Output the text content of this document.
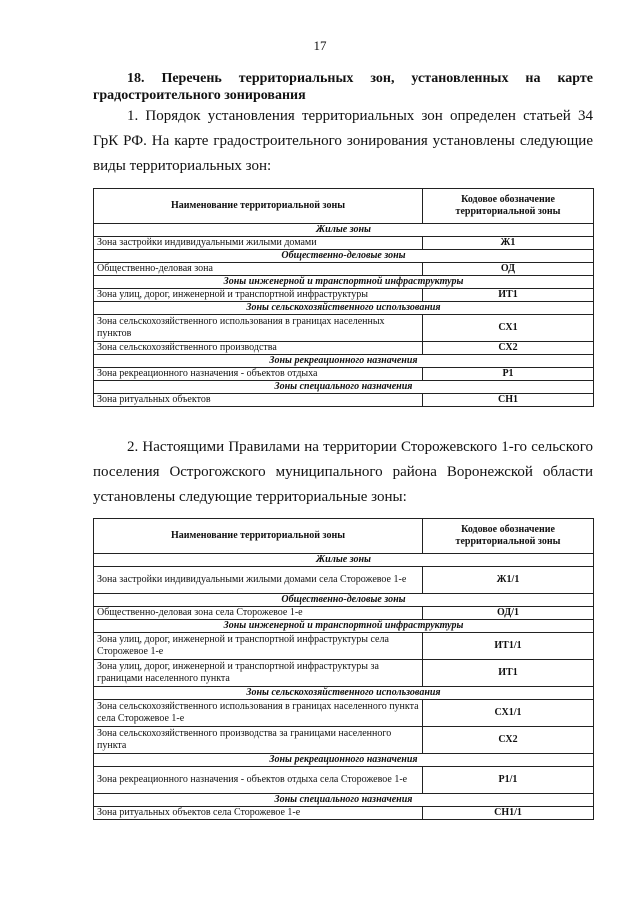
17
18. Перечень территориальных зон, установленных на карте градостроительного зонирования
1. Порядок установления территориальных зон определен статьей 34 ГрК РФ. На карте градостроительного зонирования установлены следующие виды территориальных зон:
Наименование территориальной зоны	Кодовое обозначение территориальной зоны
Жилые зоны	
Зона застройки индивидуальными жилыми домами	Ж1
Общественно-деловые зоны	
Общественно-деловая зона	ОД
Зоны инженерной и транспортной инфраструктуры	
Зона улиц, дорог, инженерной и транспортной инфраструктуры	ИТ1
Зоны сельскохозяйственного использования	
Зона сельскохозяйственного использования в границах населенных пунктов	СХ1
Зона сельскохозяйственного производства	СХ2
Зоны рекреационного назначения	
Зона рекреационного назначения - объектов отдыха	Р1
Зоны специального назначения	
Зона ритуальных объектов	СН1
2. Настоящими Правилами на территории Сторожевского 1-го сельского поселения Острогожского муниципального района Воронежской области установлены следующие территориальные зоны:
Наименование территориальной зоны	Кодовое обозначение территориальной зоны
Жилые зоны	
Зона застройки индивидуальными жилыми домами села Сторожевое 1-е	Ж1/1
Общественно-деловые зоны	
Общественно-деловая зона села Сторожевое 1-е	ОД/1
Зоны инженерной и транспортной инфраструктуры	
Зона улиц, дорог, инженерной и транспортной инфраструктуры села Сторожевое 1-е	ИТ1/1
Зона улиц, дорог, инженерной и транспортной инфраструктуры за границами населенного пункта	ИТ1
Зоны сельскохозяйственного использования	
Зона сельскохозяйственного использования в границах населенного пункта села Сторожевое 1-е	СХ1/1
Зона сельскохозяйственного производства за границами населенного пункта	СХ2
Зоны рекреационного назначения	
Зона рекреационного назначения - объектов отдыха села Сторожевое 1-е	Р1/1
Зоны специального назначения	
Зона ритуальных объектов села Сторожевое 1-е	СН1/1
